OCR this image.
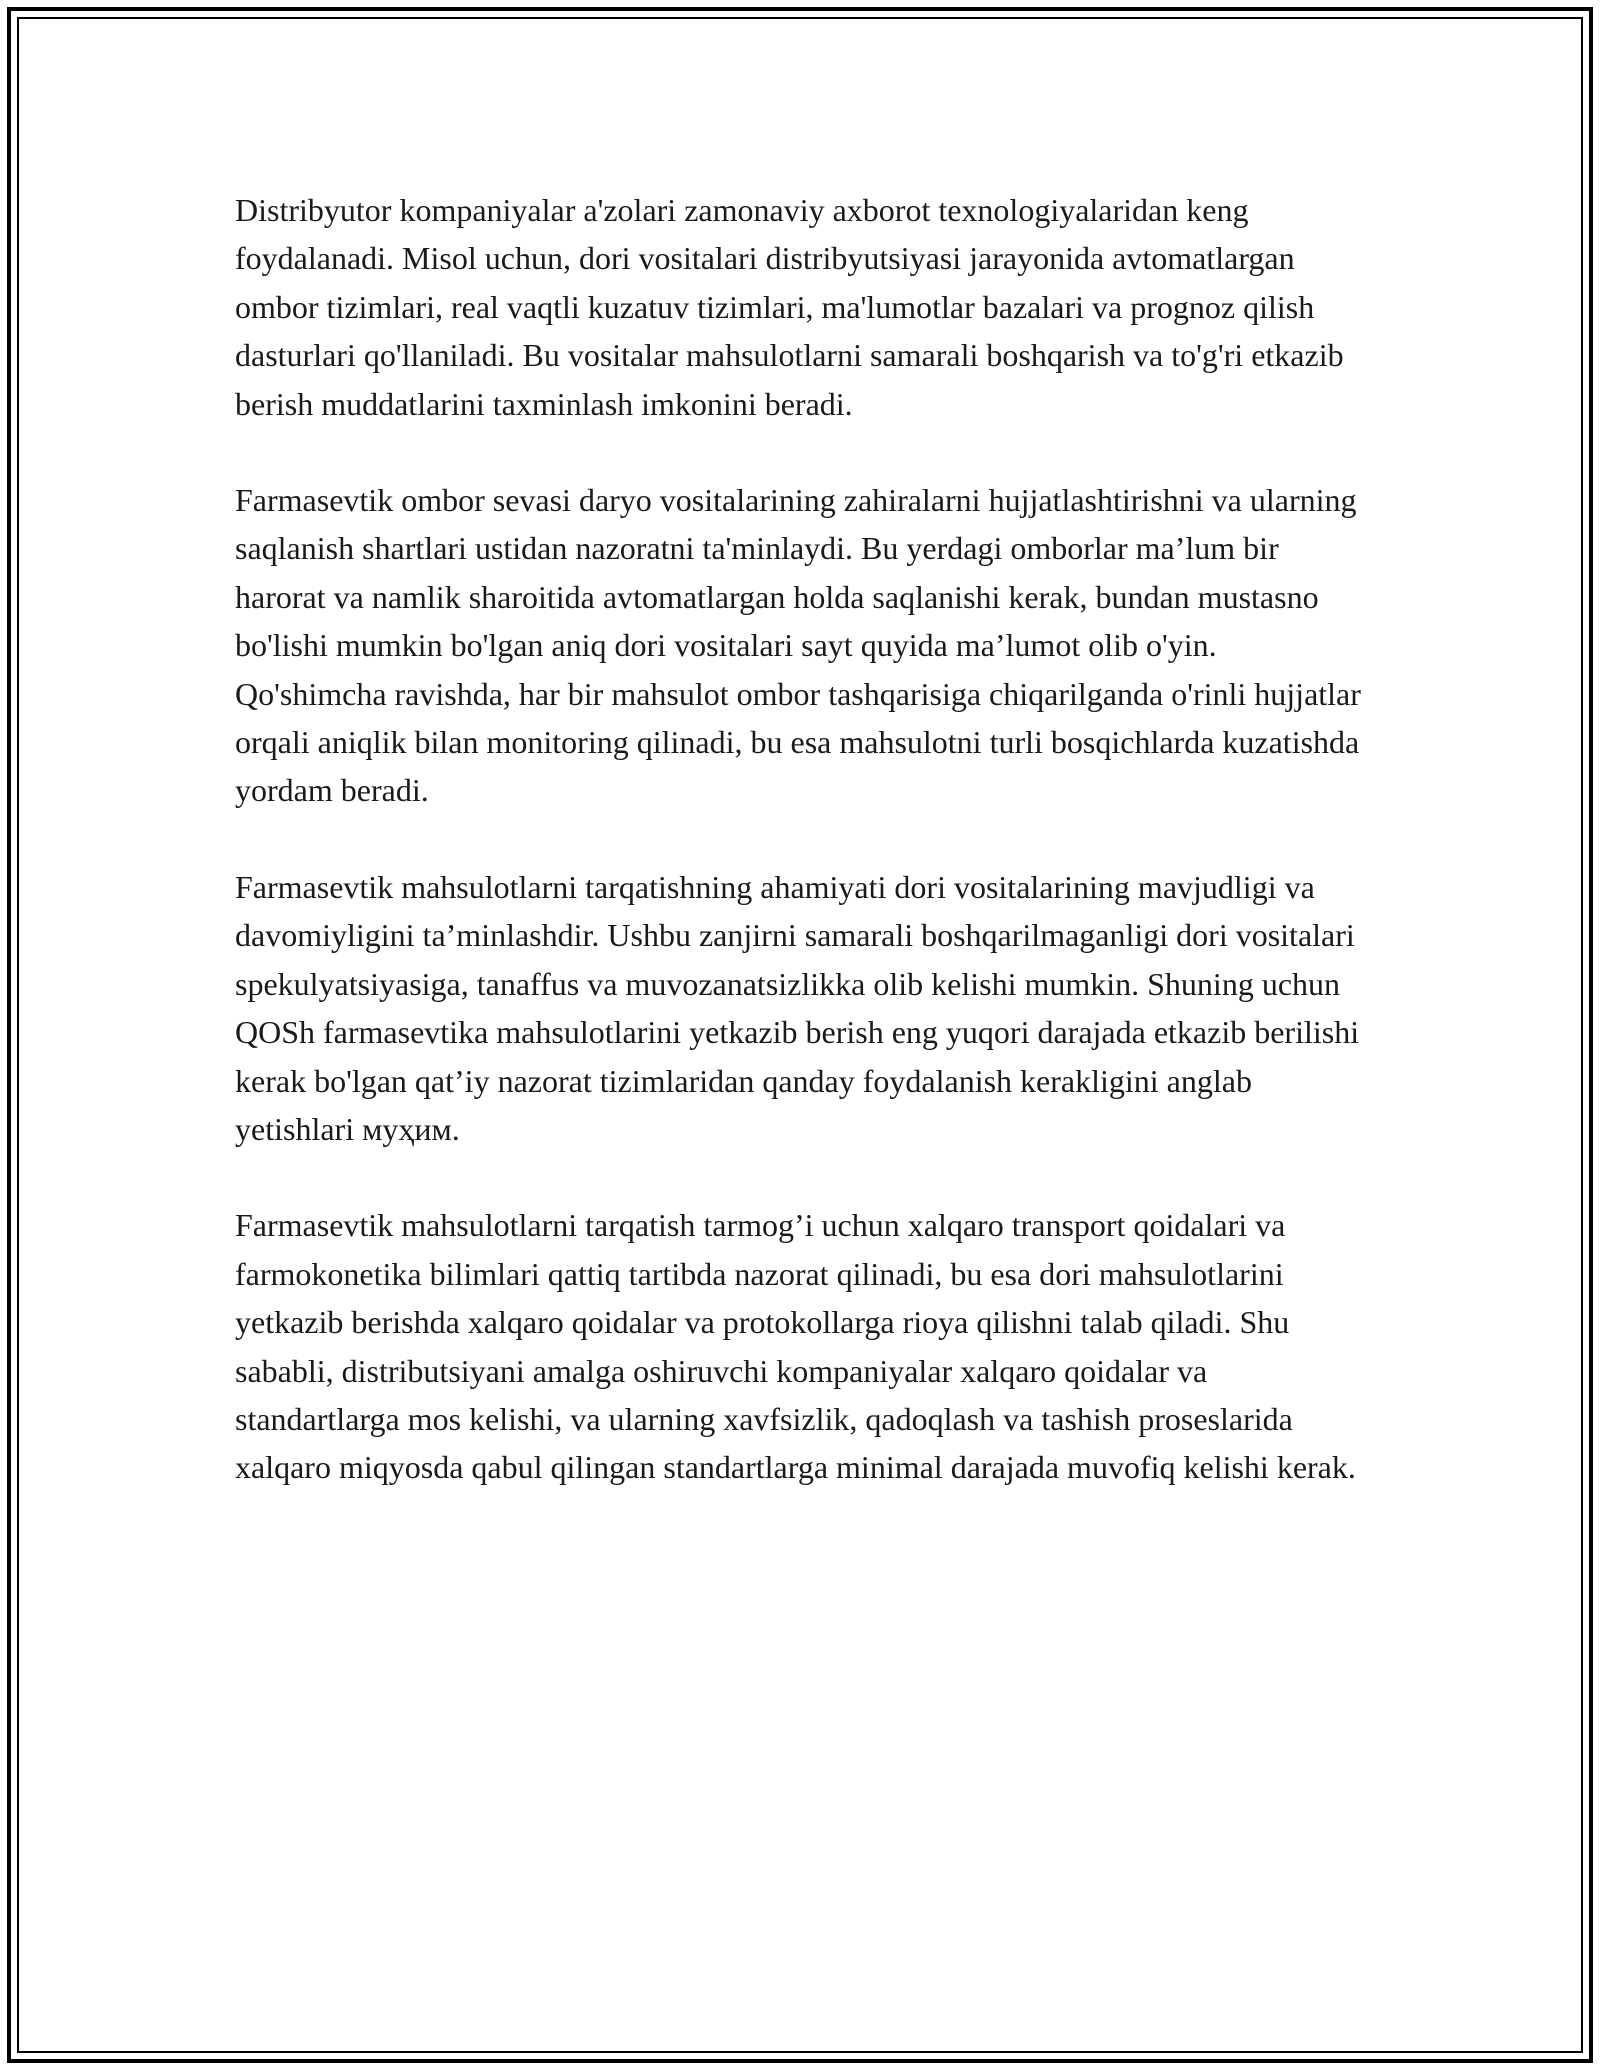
Distribyutor kompaniyalar a'zolari zamonaviy axborot texnologiyalaridan keng foydalanadi. Misol uchun, dori vositalari distribyutsiyasi jarayonida avtomatlargan ombor tizimlari, real vaqtli kuzatuv tizimlari, ma'lumotlar bazalari va prognoz qilish dasturlari qo'llaniladi. Bu vositalar mahsulotlarni samarali boshqarish va to'g'ri etkazib berish muddatlarini taxminlash imkonini beradi.

Farmasevtik ombor sevasi daryo vositalarining zahiralarni hujjatlashtirishni va ularning saqlanish shartlari ustidan nazoratni ta'minlaydi. Bu yerdagi omborlar ma’lum bir harorat va namlik sharoitida avtomatlargan holda saqlanishi kerak, bundan mustasno bo'lishi mumkin bo'lgan aniq dori vositalari sayt quyida ma’lumot olib o'yin. Qo'shimcha ravishda, har bir mahsulot ombor tashqarisiga chiqarilganda o'rinli hujjatlar orqali aniqlik bilan monitoring qilinadi, bu esa mahsulotni turli bosqichlarda kuzatishda yordam beradi.

Farmasevtik mahsulotlarni tarqatishning ahamiyati dori vositalarining mavjudligi va davomiyligini ta’minlashdir. Ushbu zanjirni samarali boshqarilmaganligi dori vositalari spekulyatsiyasiga, tanaffus va muvozanatsizlikka olib kelishi mumkin. Shuning uchun QOSh farmasevtika mahsulotlarini yetkazib berish eng yuqori darajada etkazib berilishi kerak bo'lgan qat’iy nazorat tizimlaridan qanday foydalanish kerakligini anglab yetishlari муҳим.

Farmasevtik mahsulotlarni tarqatish tarmog’i uchun xalqaro transport qoidalari va farmokonetika bilimlari qattiq tartibda nazorat qilinadi, bu esa dori mahsulotlarini yetkazib berishda xalqaro qoidalar va protokollarga rioya qilishni talab qiladi. Shu sababli, distributsiyani amalga oshiruvchi kompaniyalar xalqaro qoidalar va standartlarga mos kelishi, va ularning xavfsizlik, qadoqlash va tashish proseslarida xalqaro miqyosda qabul qilingan standartlarga minimal darajada muvofiq kelishi kerak.
